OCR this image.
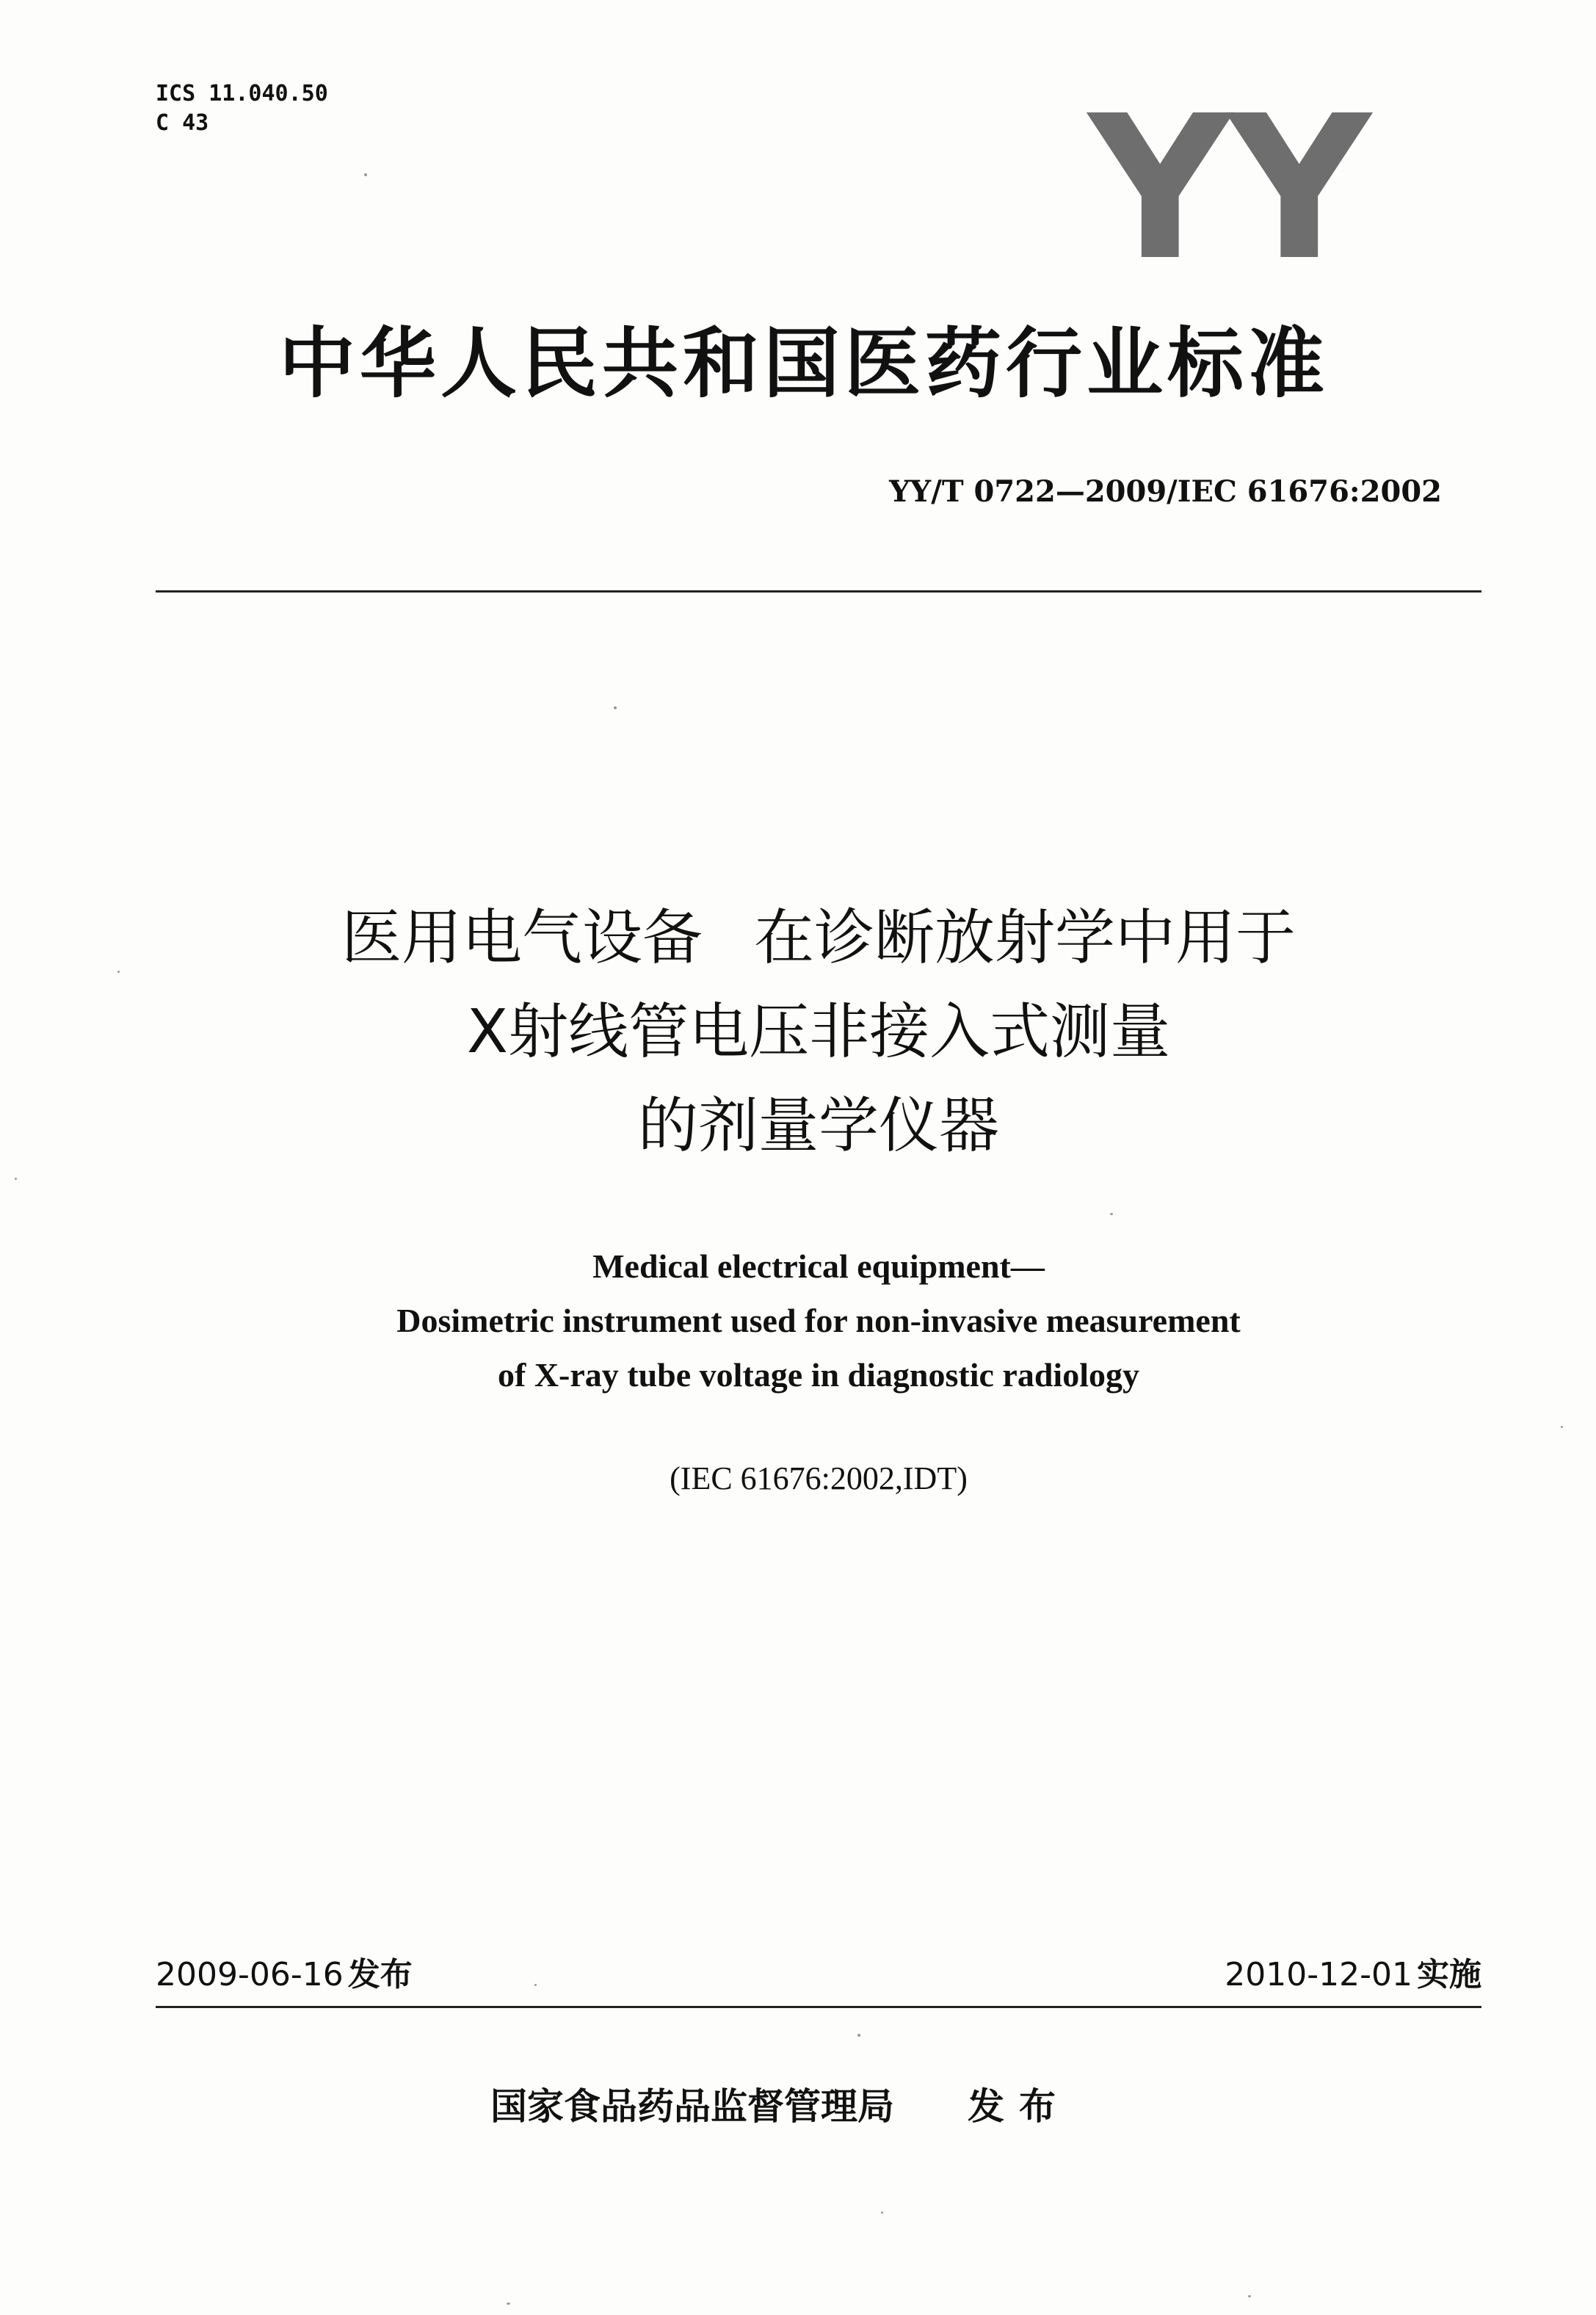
ICS 11.040.50
C 43	YY
中华人民共和国医药行业标准
YY/T 0722—2009/IEC 61676:2002
医用电气设备 在诊断放射学中用于
X射线管电压非接入式测量
的剂量学仪器
Medical electrical equipment—
Dosimetric instrument used for non-invasive measurement
of X-ray tube voltage in diagnostic radiology
(IEC 61676:2002,IDT)
2009-06-16 发布	2010-12-01 实施
国家食品药品监督管理局 发布
